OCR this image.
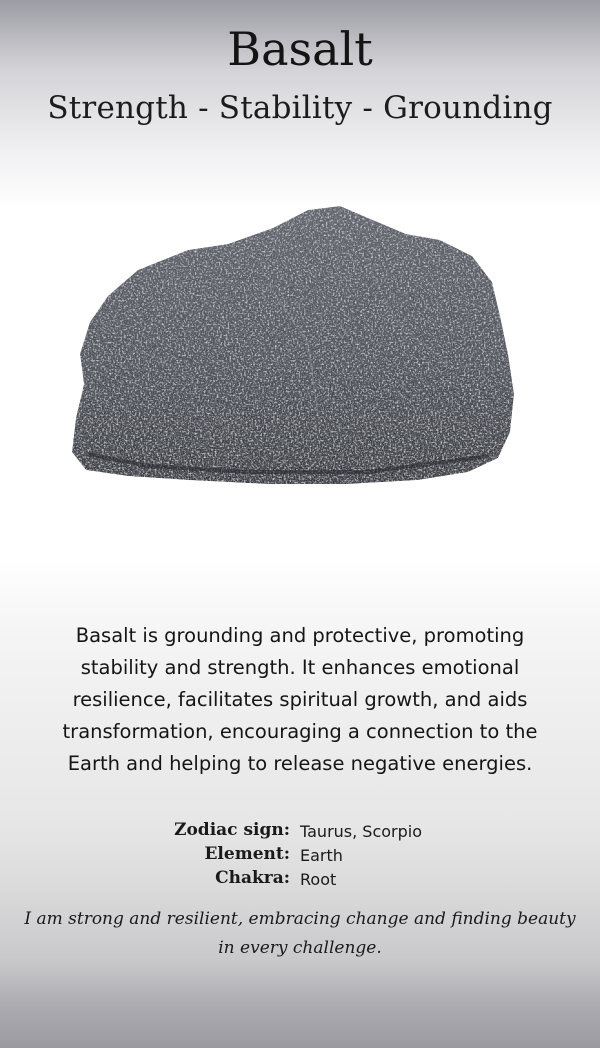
Basalt
Strength - Stability - Grounding
Basalt is grounding and protective, promoting stability and strength. It enhances emotional resilience, facilitates spiritual growth, and aids transformation, encouraging a connection to the Earth and helping to release negative energies.
Zodiac sign: Taurus, Scorpio
Element: Earth
Chakra: Root
I am strong and resilient, embracing change and finding beauty in every challenge.
